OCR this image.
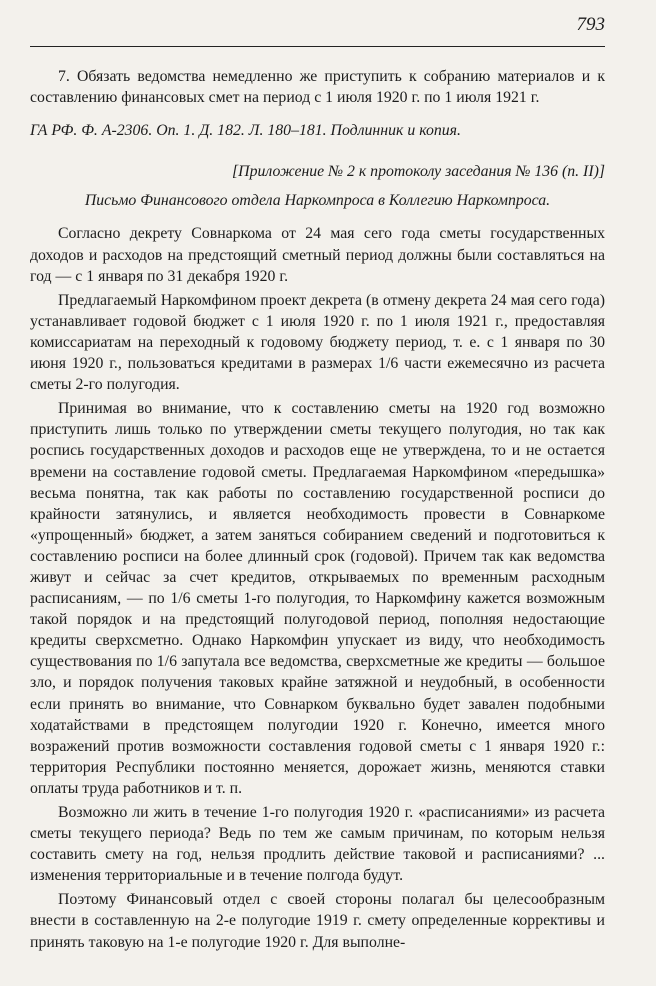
793

7. Обязать ведомства немедленно же приступить к собранию материалов и к составлению финансовых смет на период с 1 июля 1920 г. по 1 июля 1921 г.

ГА РФ. Ф. А-2306. Оп. 1. Д. 182. Л. 180–181. Подлинник и копия.

[Приложение № 2 к протоколу заседания № 136 (п. II)]

Письмо Финансового отдела Наркомпроса в Коллегию Наркомпроса.

Согласно декрету Совнаркома от 24 мая сего года сметы государственных доходов и расходов на предстоящий сметный период должны были составляться на год — с 1 января по 31 декабря 1920 г.

Предлагаемый Наркомфином проект декрета (в отмену декрета 24 мая сего года) устанавливает годовой бюджет с 1 июля 1920 г. по 1 июля 1921 г., предоставляя комиссариатам на переходный к годовому бюджету период, т. е. с 1 января по 30 июня 1920 г., пользоваться кредитами в размерах 1/6 части ежемесячно из расчета сметы 2-го полугодия.

Принимая во внимание, что к составлению сметы на 1920 год возможно приступить лишь только по утверждении сметы текущего полугодия, но так как роспись государственных доходов и расходов еще не утверждена, то и не остается времени на составление годовой сметы. Предлагаемая Наркомфином «передышка» весьма понятна, так как работы по составлению государственной росписи до крайности затянулись, и является необходимость провести в Совнаркоме «упрощенный» бюджет, а затем заняться собиранием сведений и подготовиться к составлению росписи на более длинный срок (годовой). Причем так как ведомства живут и сейчас за счет кредитов, открываемых по временным расходным расписаниям, — по 1/6 сметы 1-го полугодия, то Наркомфину кажется возможным такой порядок и на предстоящий полугодовой период, пополняя недостающие кредиты сверхсметно. Однако Наркомфин упускает из виду, что необходимость существования по 1/6 запутала все ведомства, сверхсметные же кредиты — большое зло, и порядок получения таковых крайне затяжной и неудобный, в особенности если принять во внимание, что Совнарком буквально будет завален подобными ходатайствами в предстоящем полугодии 1920 г. Конечно, имеется много возражений против возможности составления годовой сметы с 1 января 1920 г.: территория Республики постоянно меняется, дорожает жизнь, меняются ставки оплаты труда работников и т. п.

Возможно ли жить в течение 1-го полугодия 1920 г. «расписаниями» из расчета сметы текущего периода? Ведь по тем же самым причинам, по которым нельзя составить смету на год, нельзя продлить действие таковой и расписаниями? ... изменения территориальные и в течение полгода будут.

Поэтому Финансовый отдел с своей стороны полагал бы целесообразным внести в составленную на 2-е полугодие 1919 г. смету определенные коррективы и принять таковую на 1-е полугодие 1920 г. Для выполне-
